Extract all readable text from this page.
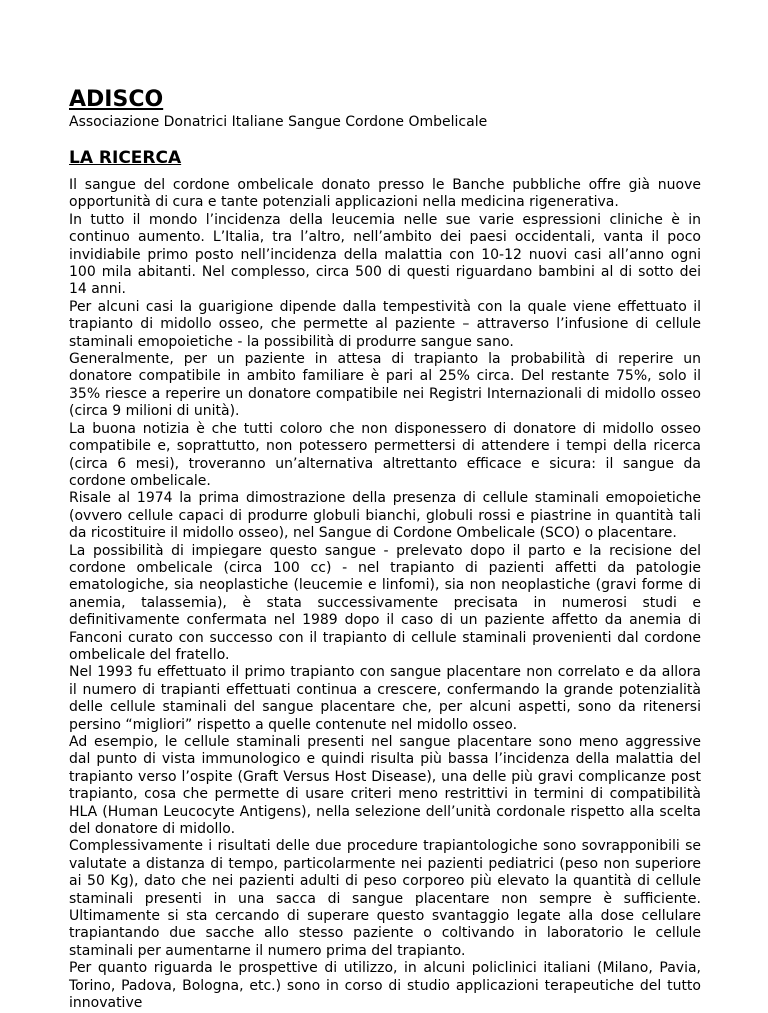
ADISCO
Associazione Donatrici Italiane Sangue Cordone Ombelicale
LA RICERCA

Il sangue del cordone ombelicale donato presso le Banche pubbliche offre già nuove opportunità di cura e tante potenziali applicazioni nella medicina rigenerativa.

In tutto il mondo l’incidenza della leucemia nelle sue varie espressioni cliniche è in continuo aumento. L’Italia, tra l’altro, nell’ambito dei paesi occidentali, vanta il poco invidiabile primo posto nell’incidenza della malattia con 10-12 nuovi casi all’anno ogni 100 mila abitanti. Nel complesso, circa 500 di questi riguardano bambini al di sotto dei 14 anni.

Per alcuni casi la guarigione dipende dalla tempestività con la quale viene effettuato il trapianto di midollo osseo, che permette al paziente – attraverso l’infusione di cellule staminali emopoietiche - la possibilità di produrre sangue sano.

Generalmente, per un paziente in attesa di trapianto la probabilità di reperire un donatore compatibile in ambito familiare è pari al 25% circa. Del restante 75%, solo il 35% riesce a reperire un donatore compatibile nei Registri Internazionali di midollo osseo (circa 9 milioni di unità).

La buona notizia è che tutti coloro che non disponessero di donatore di midollo osseo compatibile e, soprattutto, non potessero permettersi di attendere i tempi della ricerca (circa 6 mesi), troveranno un’alternativa altrettanto efficace e sicura: il sangue da cordone ombelicale.

Risale al 1974 la prima dimostrazione della presenza di cellule staminali emopoietiche (ovvero cellule capaci di produrre globuli bianchi, globuli rossi e piastrine in quantità tali da ricostituire il midollo osseo), nel Sangue di Cordone Ombelicale (SCO) o placentare.

La possibilità di impiegare questo sangue - prelevato dopo il parto e la recisione del cordone ombelicale (circa 100 cc) - nel trapianto di pazienti affetti da patologie ematologiche, sia neoplastiche (leucemie e linfomi), sia non neoplastiche (gravi forme di anemia, talassemia), è stata successivamente precisata in numerosi studi e definitivamente confermata nel 1989 dopo il caso di un paziente affetto da anemia di Fanconi curato con successo con il trapianto di cellule staminali provenienti dal cordone ombelicale del fratello.

Nel 1993 fu effettuato il primo trapianto con sangue placentare non correlato e da allora il numero di trapianti effettuati continua a crescere, confermando la grande potenzialità delle cellule staminali del sangue placentare che, per alcuni aspetti, sono da ritenersi persino “migliori” rispetto a quelle contenute nel midollo osseo.

Ad esempio, le cellule staminali presenti nel sangue placentare sono meno aggressive dal punto di vista immunologico e quindi risulta più bassa l’incidenza della malattia del trapianto verso l’ospite (Graft Versus Host Disease), una delle più gravi complicanze post trapianto, cosa che permette di usare criteri meno restrittivi in termini di compatibilità HLA (Human Leucocyte Antigens), nella selezione dell’unità cordonale rispetto alla scelta del donatore di midollo.

Complessivamente i risultati delle due procedure trapiantologiche sono sovrapponibili se valutate a distanza di tempo, particolarmente nei pazienti pediatrici (peso non superiore ai 50 Kg), dato che nei pazienti adulti di peso corporeo più elevato la quantità di cellule staminali presenti in una sacca di sangue placentare non sempre è sufficiente. Ultimamente si sta cercando di superare questo svantaggio legate alla dose cellulare trapiantando due sacche allo stesso paziente o coltivando in laboratorio le cellule staminali per aumentarne il numero prima del trapianto.

Per quanto riguarda le prospettive di utilizzo, in alcuni policlinici italiani (Milano, Pavia, Torino, Padova, Bologna, etc.) sono in corso di studio applicazioni terapeutiche del tutto innovative
